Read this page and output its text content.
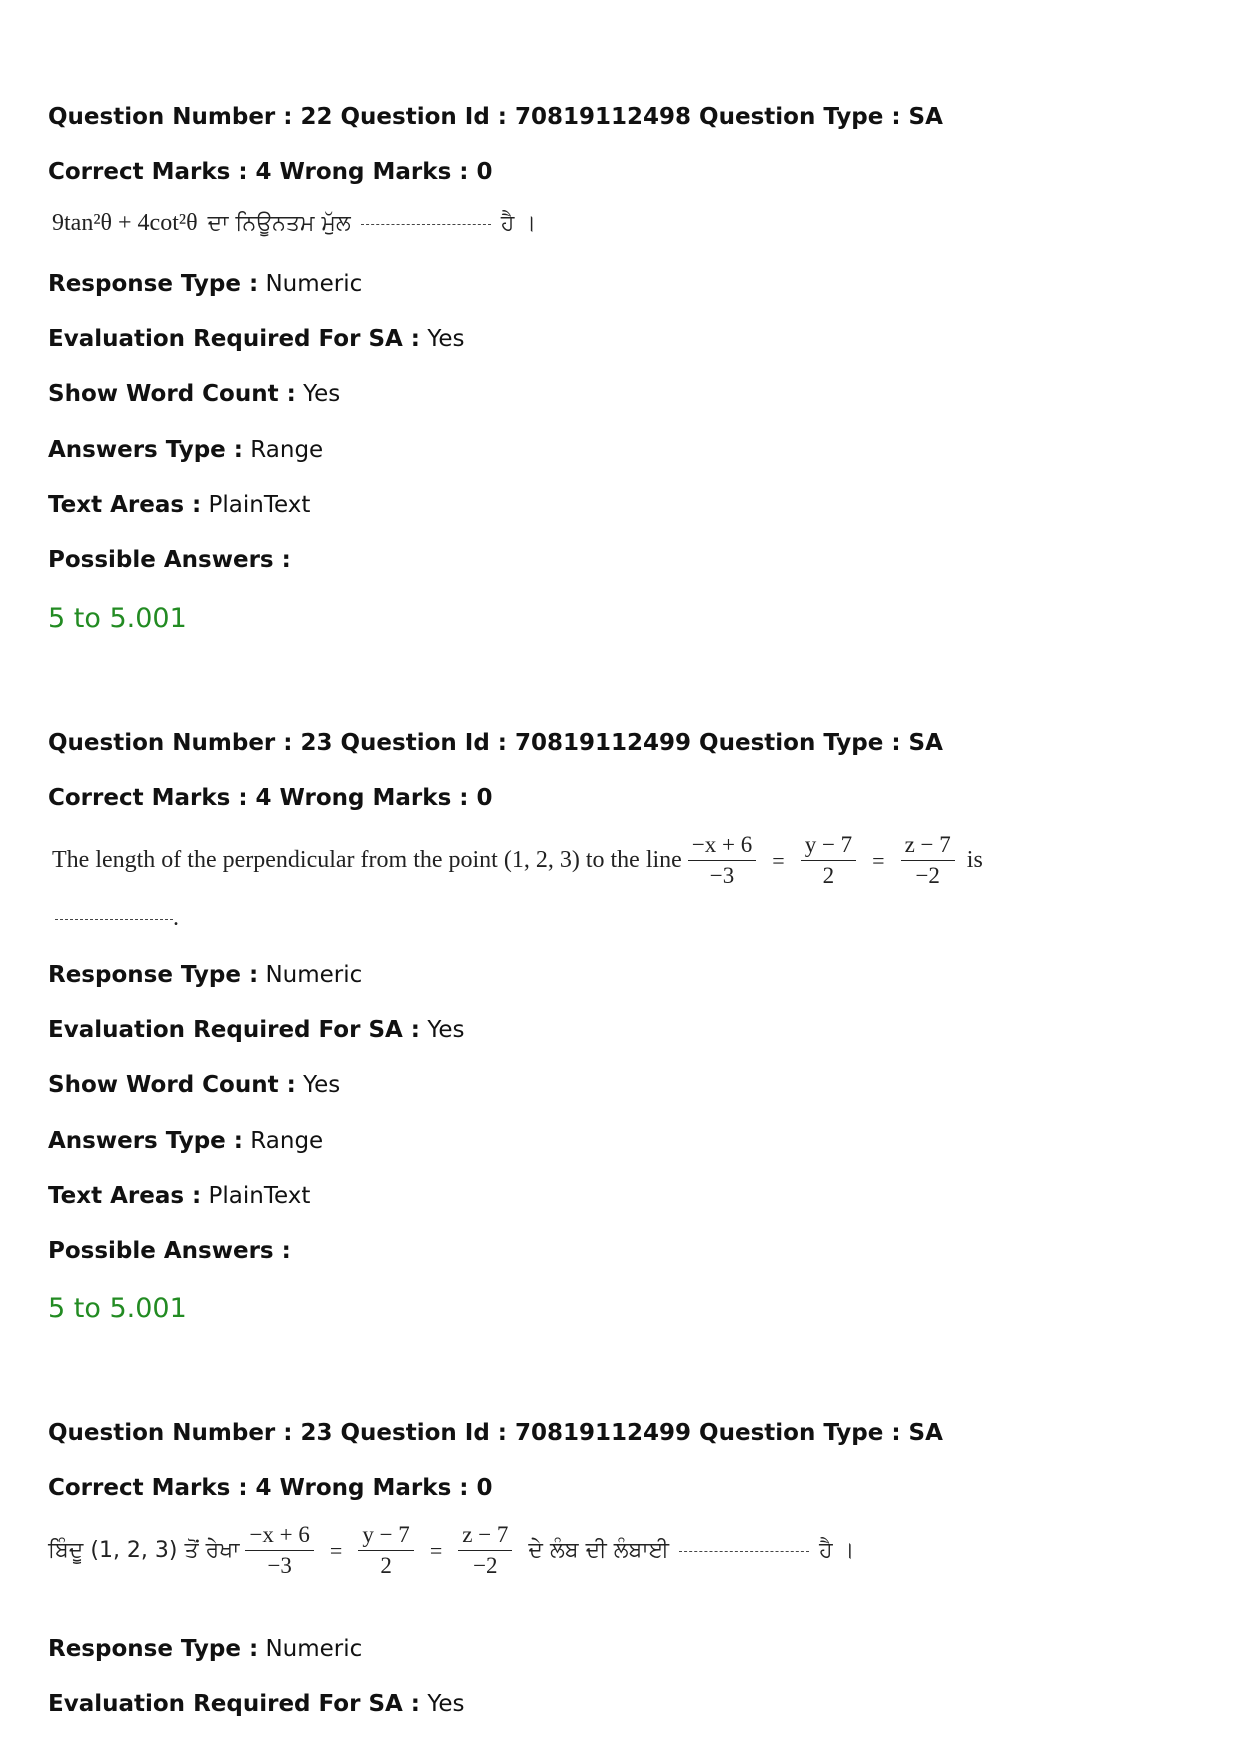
Question Number : 22 Question Id : 70819112498 Question Type : SA
Correct Marks : 4 Wrong Marks : 0
9tan²θ + 4cot²θ ਦਾ ਨਿਊਨਤਮ ਮੁੱਲ	ਹੈ ।
Response Type : Numeric
Evaluation Required For SA : Yes
Show Word Count : Yes
Answers Type : Range
Text Areas : PlainText
Possible Answers :
5 to 5.001
Question Number : 23 Question Id : 70819112499 Question Type : SA
Correct Marks : 4 Wrong Marks : 0
The length of the perpendicular from the point (1, 2, 3) to the line $\frac{-x + 6}{-3} = \frac{y - 7}{2} = \frac{z - 7}{-2}$ is
.
Response Type : Numeric
Evaluation Required For SA : Yes
Show Word Count : Yes
Answers Type : Range
Text Areas : PlainText
Possible Answers :
5 to 5.001
Question Number : 23 Question Id : 70819112499 Question Type : SA
Correct Marks : 4 Wrong Marks : 0
ਬਿੰਦੂ (1, 2, 3) ਤੋਂ ਰੇਖਾ $\frac{-x + 6}{-3} = \frac{y - 7}{2} = \frac{z - 7}{-2}$ ਦੇ ਲੰਬ ਦੀ ਲੰਬਾਈ	ਹੈ ।
Response Type : Numeric
Evaluation Required For SA : Yes
